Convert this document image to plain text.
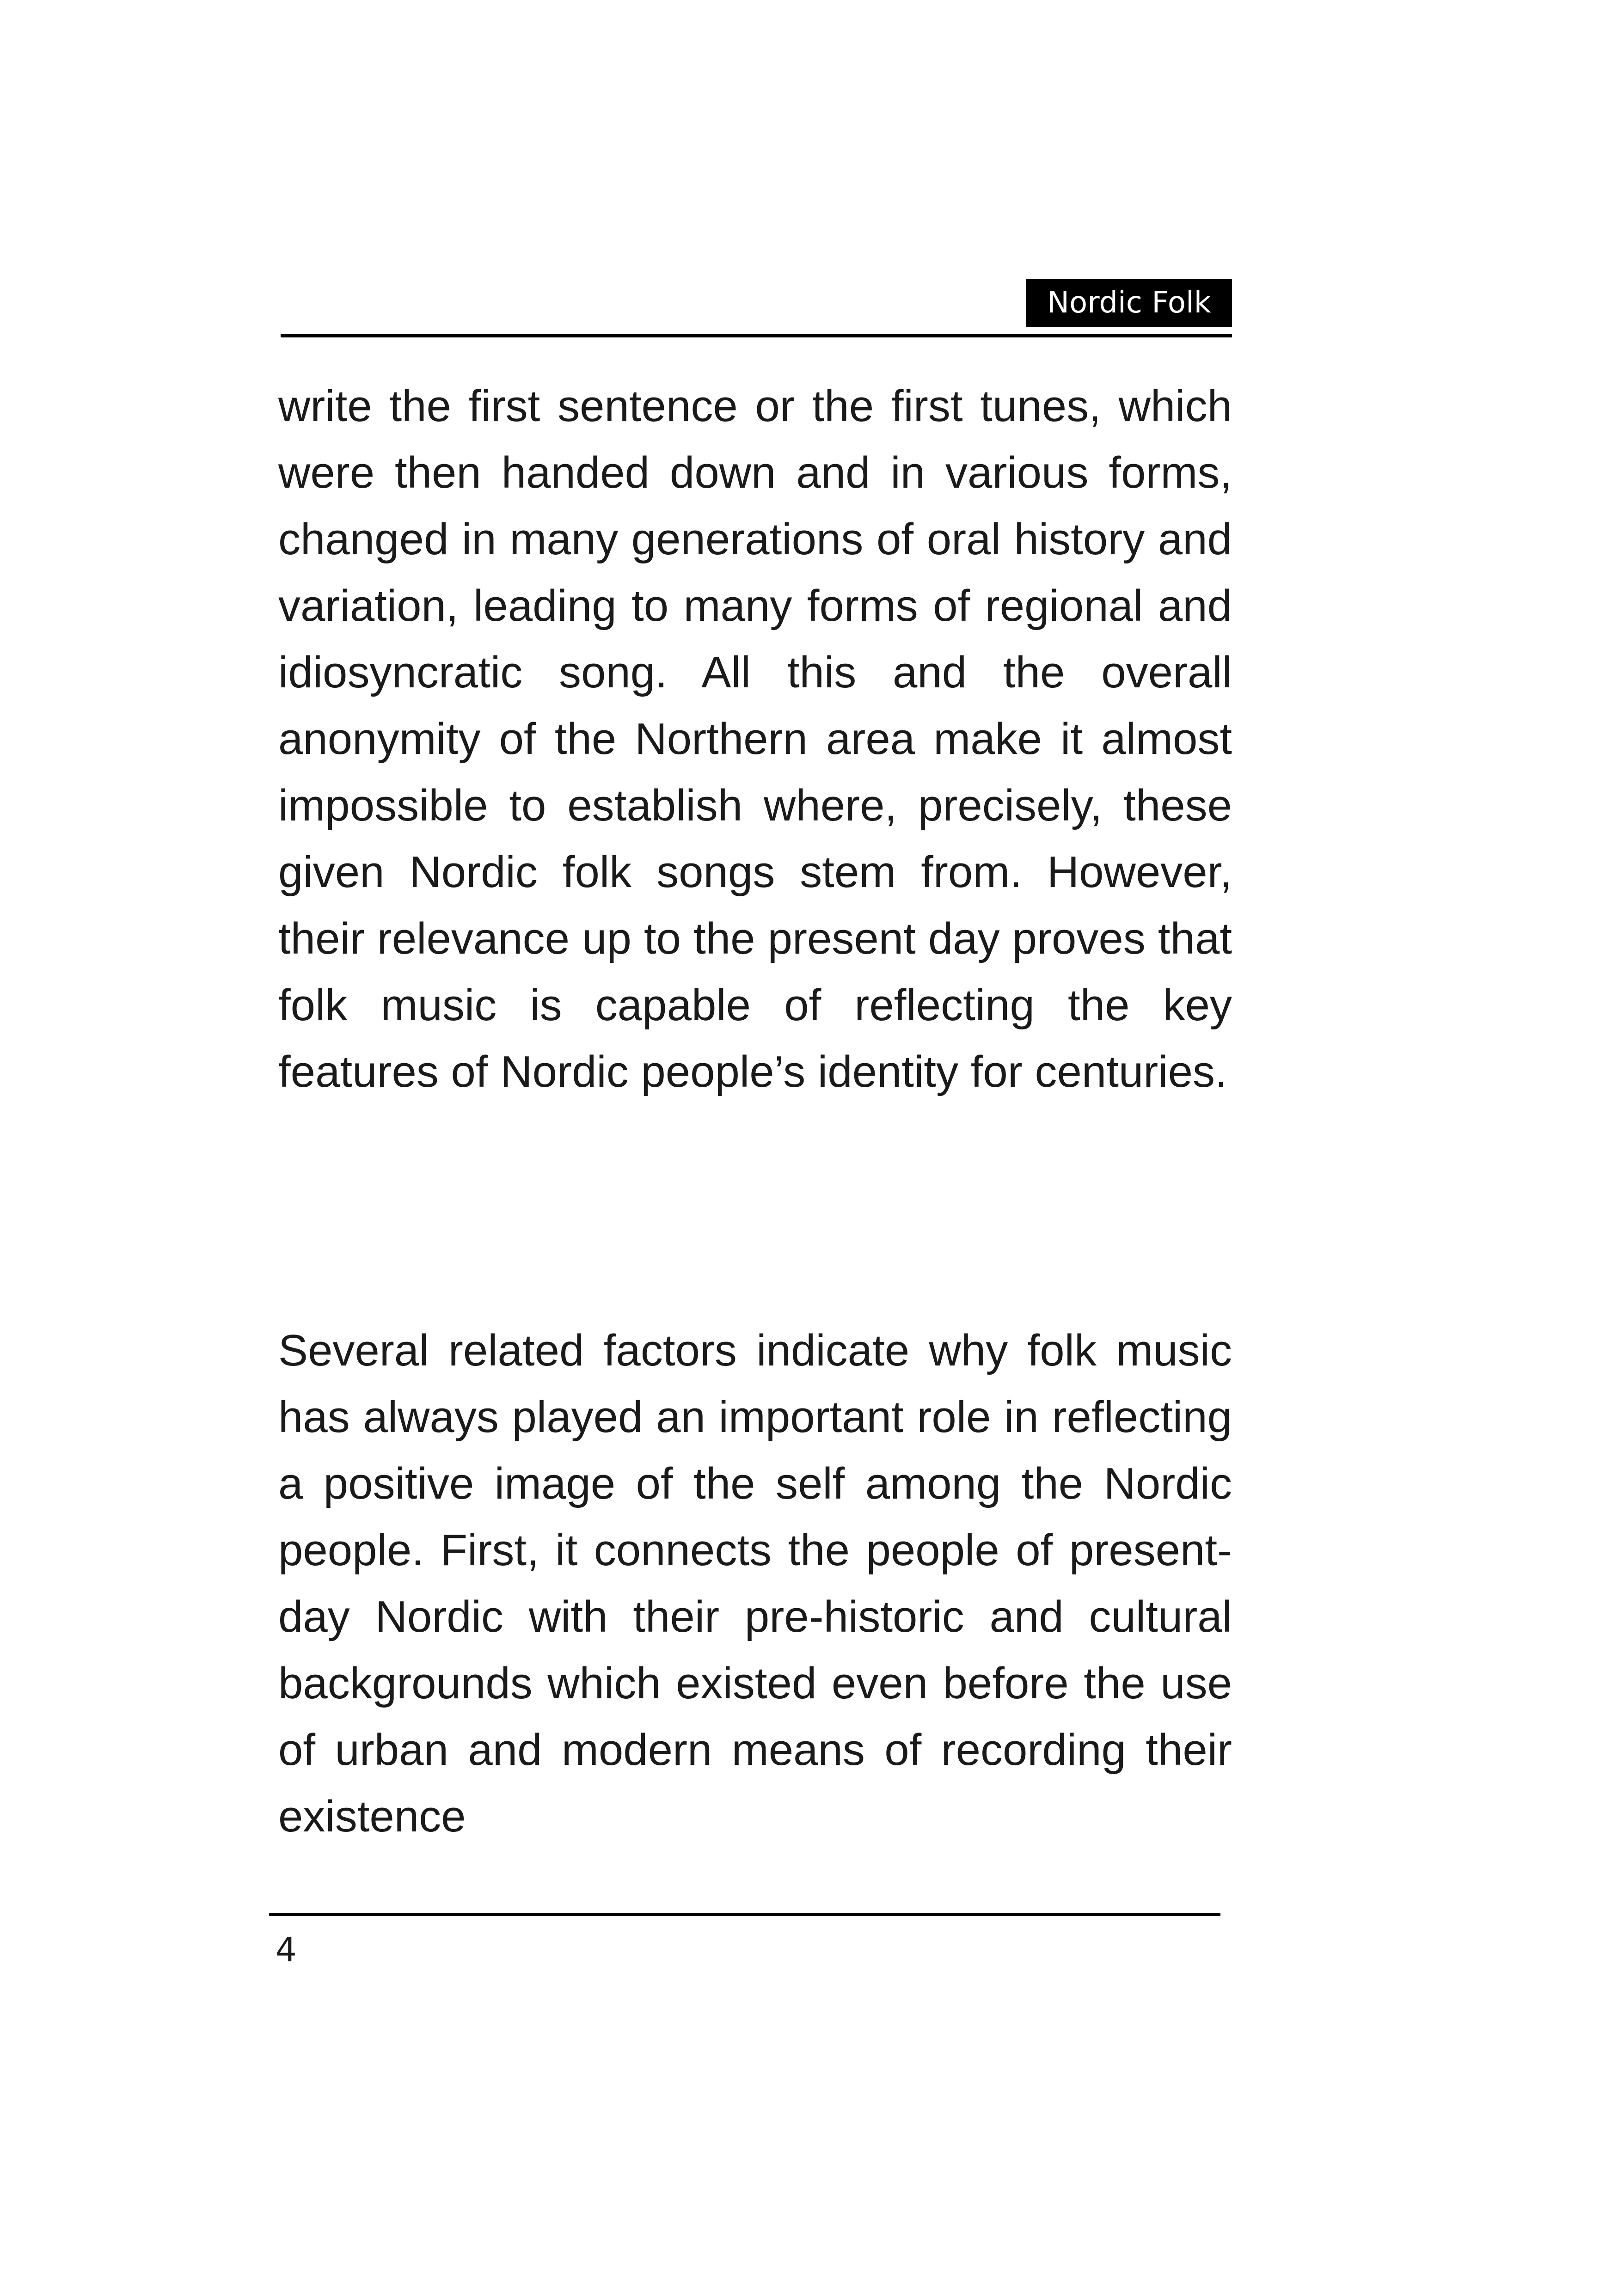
Nordic Folk

write the first sentence or the first tunes, which were then handed down and in various forms, changed in many generations of oral history and variation, leading to many forms of regional and idiosyncratic song. All this and the overall anonymity of the Northern area make it almost impossible to establish where, precisely, these given Nordic folk songs stem from. However, their relevance up to the present day proves that folk music is capable of reflecting the key features of Nordic people’s identity for centuries.

Several related factors indicate why folk music has always played an important role in reflecting a positive image of the self among the Nordic people. First, it connects the people of present-day Nordic with their pre-historic and cultural backgrounds which existed even before the use of urban and modern means of recording their existence

4
